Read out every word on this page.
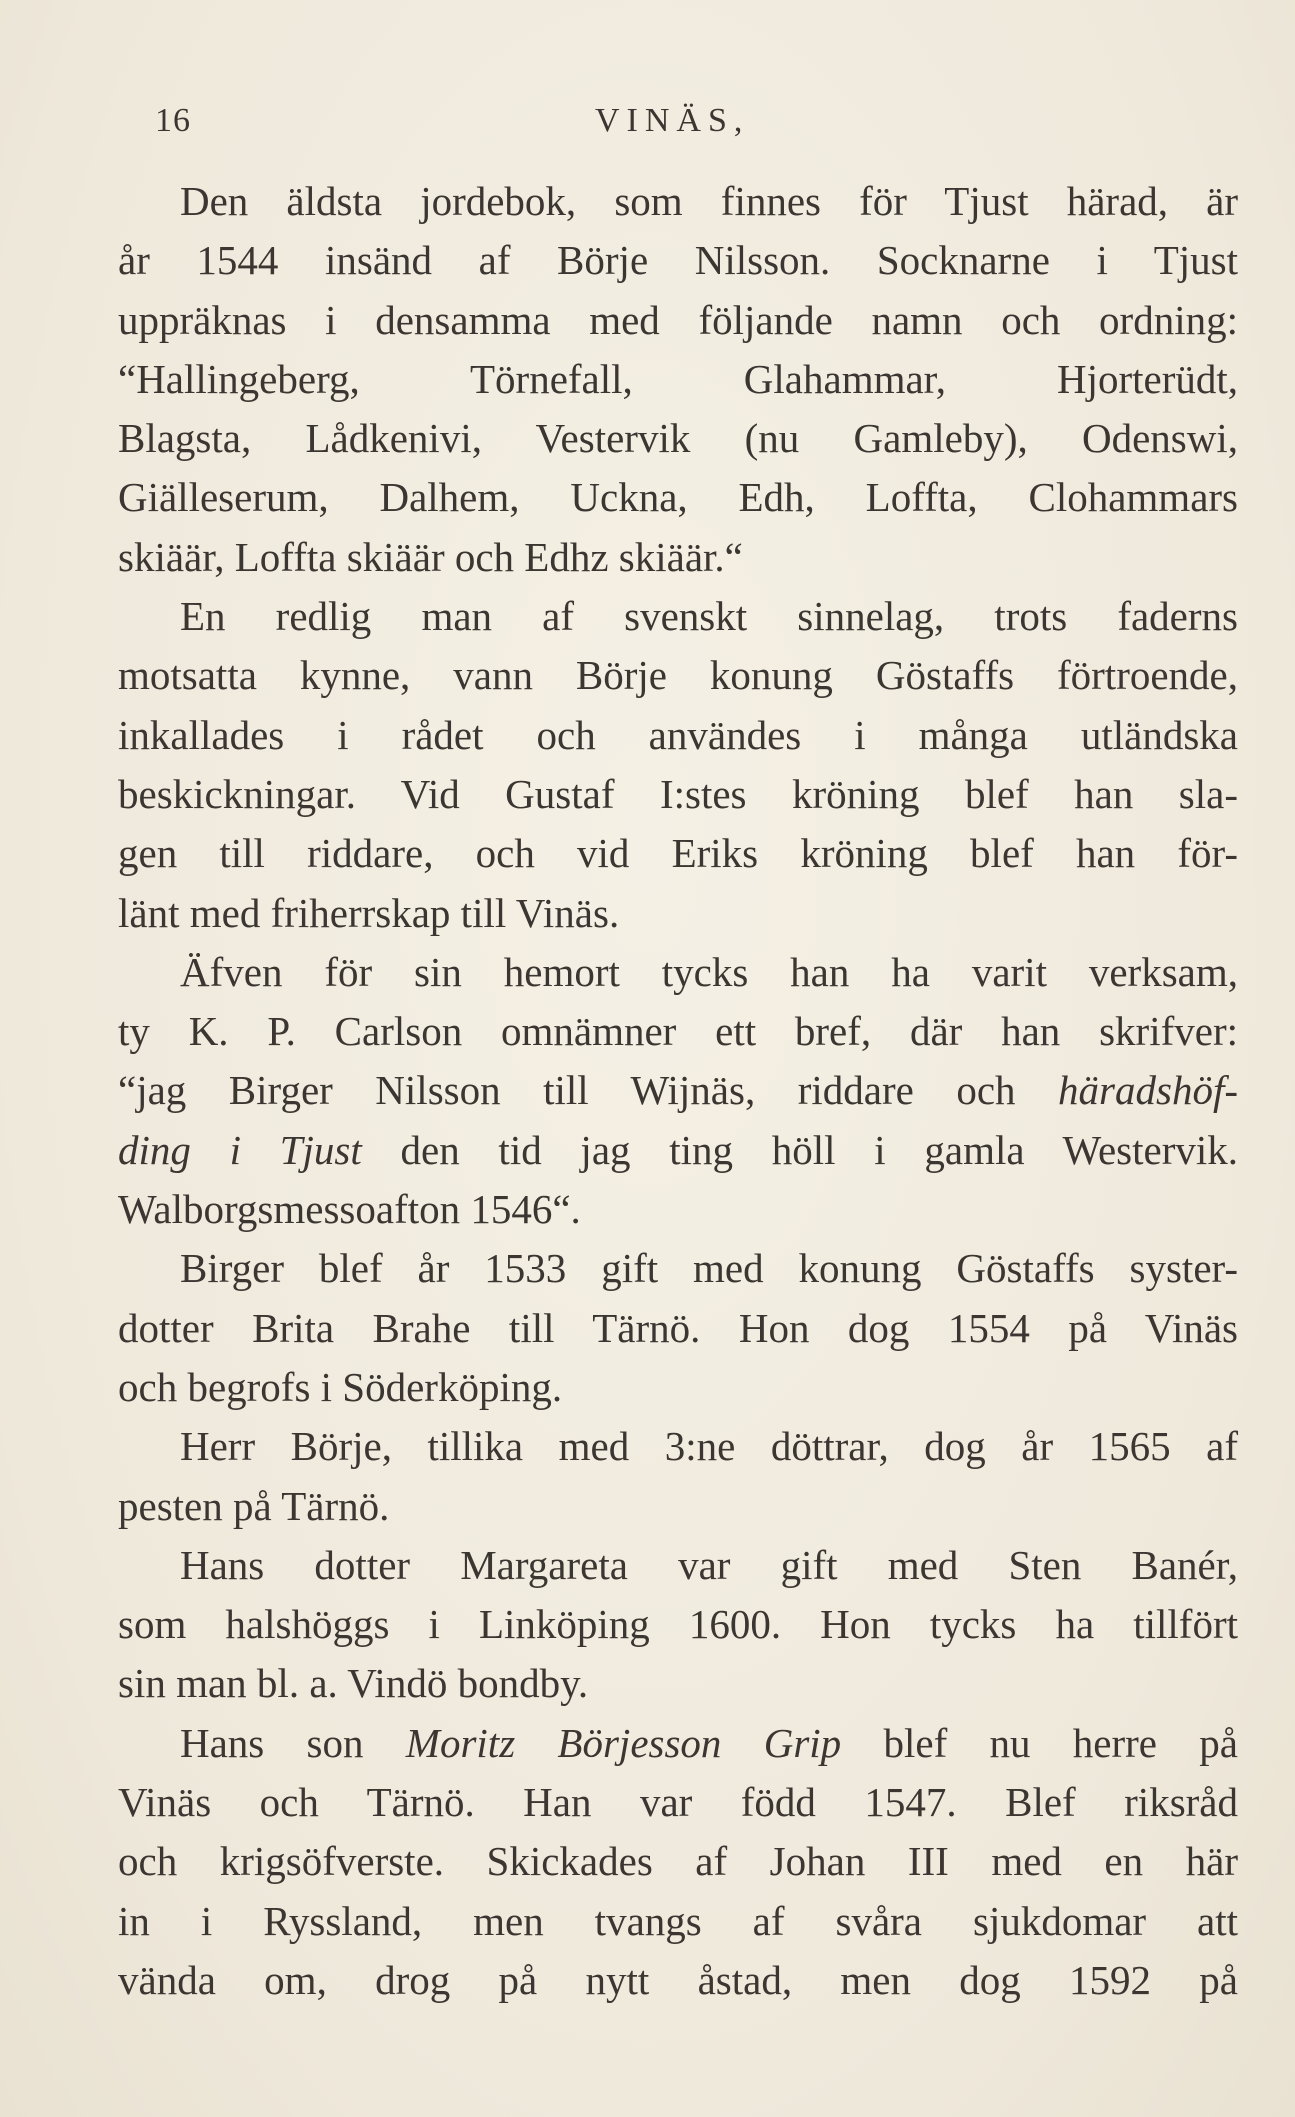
16	VINÄS,
Den äldsta jordebok, som finnes för Tjust härad, är
år 1544 insänd af Börje Nilsson. Socknarne i Tjust
uppräknas i densamma med följande namn och ordning:
“Hallingeberg, Törnefall, Glahammar, Hjorterüdt,
Blagsta, Lådkenivi, Vestervik (nu Gamleby), Odenswi,
Giälleserum, Dalhem, Uckna, Edh, Loffta, Clohammars
skiäär, Loffta skiäär och Edhz skiäär.“
En redlig man af svenskt sinnelag, trots faderns
motsatta kynne, vann Börje konung Göstaffs förtroende,
inkallades i rådet och användes i många utländska
beskickningar. Vid Gustaf I:stes kröning blef han sla-
gen till riddare, och vid Eriks kröning blef han för-
länt med friherrskap till Vinäs.
Äfven för sin hemort tycks han ha varit verksam,
ty K. P. Carlson omnämner ett bref, där han skrifver:
“jag Birger Nilsson till Wijnäs, riddare och häradshöf-
ding i Tjust den tid jag ting höll i gamla Westervik.
Walborgsmessoafton 1546“.
Birger blef år 1533 gift med konung Göstaffs syster-
dotter Brita Brahe till Tärnö. Hon dog 1554 på Vinäs
och begrofs i Söderköping.
Herr Börje, tillika med 3:ne döttrar, dog år 1565 af
pesten på Tärnö.
Hans dotter Margareta var gift med Sten Banér,
som halshöggs i Linköping 1600. Hon tycks ha tillfört
sin man bl. a. Vindö bondby.
Hans son Moritz Börjesson Grip blef nu herre på
Vinäs och Tärnö. Han var född 1547. Blef riksråd
och krigsöfverste. Skickades af Johan III med en här
in i Ryssland, men tvangs af svåra sjukdomar att
vända om, drog på nytt åstad, men dog 1592 på
